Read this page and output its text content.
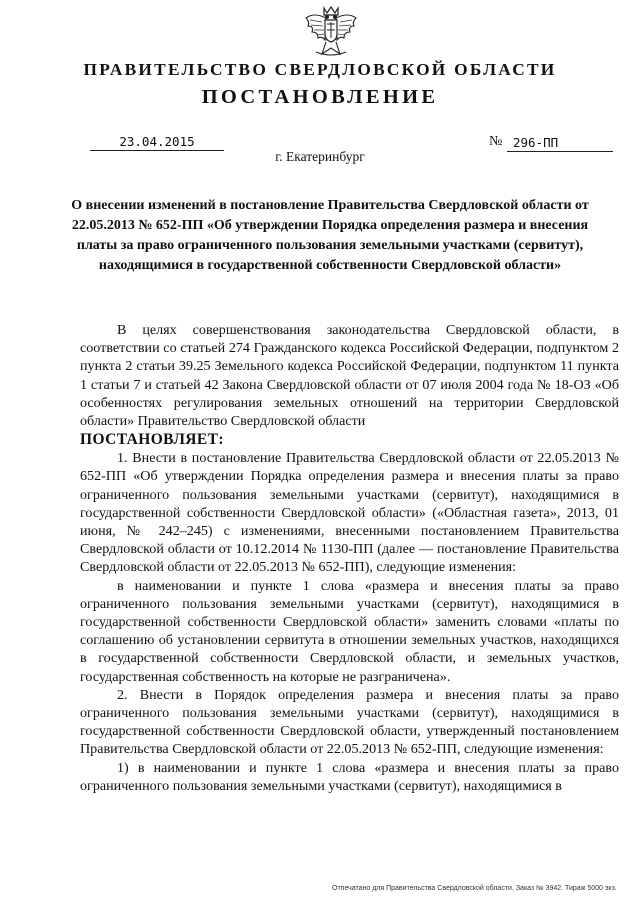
ПРАВИТЕЛЬСТВО СВЕРДЛОВСКОЙ ОБЛАСТИ
ПОСТАНОВЛЕНИЕ
23.04.2015	№ 296-ПП
г. Екатеринбург
О внесении изменений в постановление Правительства Свердловской области от 22.05.2013 № 652-ПП «Об утверждении Порядка определения размера и внесения платы за право ограниченного пользования земельными участками (сервитут), находящимися в государственной собственности Свердловской области»

В целях совершенствования законодательства Свердловской области, в соответствии со статьей 274 Гражданского кодекса Российской Федерации, подпунктом 2 пункта 2 статьи 39.25 Земельного кодекса Российской Федерации, подпунктом 11 пункта 1 статьи 7 и статьей 42 Закона Свердловской области от 07 июля 2004 года № 18-ОЗ «Об особенностях регулирования земельных отношений на территории Свердловской области» Правительство Свердловской области

ПОСТАНОВЛЯЕТ:

1. Внести в постановление Правительства Свердловской области от 22.05.2013 № 652-ПП «Об утверждении Порядка определения размера и внесения платы за право ограниченного пользования земельными участками (сервитут), находящимися в государственной собственности Свердловской области» («Областная газета», 2013, 01 июня, № 242–245) с изменениями, внесенными постановлением Правительства Свердловской области от 10.12.2014 № 1130-ПП (далее — постановление Правительства Свердловской области от 22.05.2013 № 652-ПП), следующие изменения:

в наименовании и пункте 1 слова «размера и внесения платы за право ограниченного пользования земельными участками (сервитут), находящимися в государственной собственности Свердловской области» заменить словами «платы по соглашению об установлении сервитута в отношении земельных участков, находящихся в государственной собственности Свердловской области, и земельных участков, государственная собственность на которые не разграничена».

2. Внести в Порядок определения размера и внесения платы за право ограниченного пользования земельными участками (сервитут), находящимися в государственной собственности Свердловской области, утвержденный постановлением Правительства Свердловской области от 22.05.2013 № 652-ПП, следующие изменения:

1) в наименовании и пункте 1 слова «размера и внесения платы за право ограниченного пользования земельными участками (сервитут), находящимися в

Отпечатано для Правительства Свердловской области. Заказ № 3942. Тираж 5000 экз.
